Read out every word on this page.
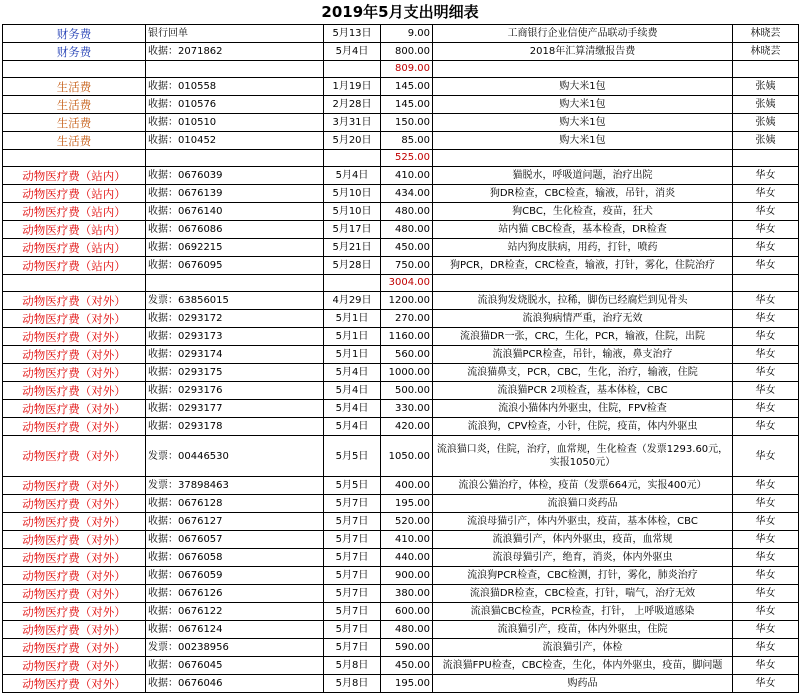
2019年5月支出明细表
财务费	银行回单	5月13日	9.00	工商银行企业信使产品联动手续费	林晓芸
财务费	收据：2071862	5月4日	800.00	2018年汇算清缴报告费	林晓芸
			809.00		
生活费	收据：010558	1月19日	145.00	购大米1包	张姨
生活费	收据：010576	2月28日	145.00	购大米1包	张姨
生活费	收据：010510	3月31日	150.00	购大米1包	张姨
生活费	收据：010452	5月20日	85.00	购大米1包	张姨
			525.00		
动物医疗费（站内）	收据：0676039	5月4日	410.00	猫脱水，呼吸道问题，治疗出院	华女
动物医疗费（站内）	收据：0676139	5月10日	434.00	狗DR检查，CBC检查，输液，吊针，消炎	华女
动物医疗费（站内）	收据：0676140	5月10日	480.00	狗CBC，生化检查，疫苗，狂犬	华女
动物医疗费（站内）	收据：0676086	5月17日	480.00	站内猫 CBC检查，基本检查，DR检查	华女
动物医疗费（站内）	收据：0692215	5月21日	450.00	站内狗皮肤病，用药，打针，喷药	华女
动物医疗费（站内）	收据：0676095	5月28日	750.00	狗PCR，DR检查，CRC检查，输液，打针，雾化，住院治疗	华女
			3004.00		
动物医疗费（对外）	发票：63856015	4月29日	1200.00	流浪狗发烧脱水，拉稀，脚伤已经腐烂到见骨头	华女
动物医疗费（对外）	收据：0293172	5月1日	270.00	流浪狗病情严重，治疗无效	华女
动物医疗费（对外）	收据：0293173	5月1日	1160.00	流浪猫DR一张，CRC，生化，PCR，输液，住院，出院	华女
动物医疗费（对外）	收据：0293174	5月1日	560.00	流浪猫PCR检查，吊针，输液，鼻支治疗	华女
动物医疗费（对外）	收据：0293175	5月4日	1000.00	流浪猫鼻支，PCR，CBC，生化，治疗，输液，住院	华女
动物医疗费（对外）	收据：0293176	5月4日	500.00	流浪猫PCR 2项检查，基本体检，CBC	华女
动物医疗费（对外）	收据：0293177	5月4日	330.00	流浪小猫体内外驱虫，住院，FPV检查	华女
动物医疗费（对外）	收据：0293178	5月4日	420.00	流浪狗，CPV检查，小针，住院，疫苗，体内外驱虫	华女
动物医疗费（对外）	发票：00446530	5月5日	1050.00	流浪猫口炎，住院，治疗，血常规，生化检查（发票1293.60元，实报1050元）	华女
动物医疗费（对外）	发票：37898463	5月5日	400.00	流浪公猫治疗，体检，疫苗（发票664元，实报400元）	华女
动物医疗费（对外）	收据：0676128	5月7日	195.00	流浪猫口炎药品	华女
动物医疗费（对外）	收据：0676127	5月7日	520.00	流浪母猫引产，体内外驱虫，疫苗，基本体检，CBC	华女
动物医疗费（对外）	收据：0676057	5月7日	410.00	流浪猫引产，体内外驱虫，疫苗，血常规	华女
动物医疗费（对外）	收据：0676058	5月7日	440.00	流浪母猫引产，绝育，消炎，体内外驱虫	华女
动物医疗费（对外）	收据：0676059	5月7日	900.00	流浪狗PCR检查，CBC检测，打针，雾化，肺炎治疗	华女
动物医疗费（对外）	收据：0676126	5月7日	380.00	流浪猫DR检查，CBC检查，打针，喘气，治疗无效	华女
动物医疗费（对外）	收据：0676122	5月7日	600.00	流浪猫CBC检查，PCR检查，打针， 上呼吸道感染	华女
动物医疗费（对外）	收据：0676124	5月7日	480.00	流浪猫引产，疫苗，体内外驱虫，住院	华女
动物医疗费（对外）	发票：00238956	5月7日	590.00	流浪猫引产，体检	华女
动物医疗费（对外）	收据：0676045	5月8日	450.00	流浪猫FPU检查，CBC检查，生化，体内外驱虫，疫苗，脚问题	华女
动物医疗费（对外）	收据：0676046	5月8日	195.00	购药品	华女
